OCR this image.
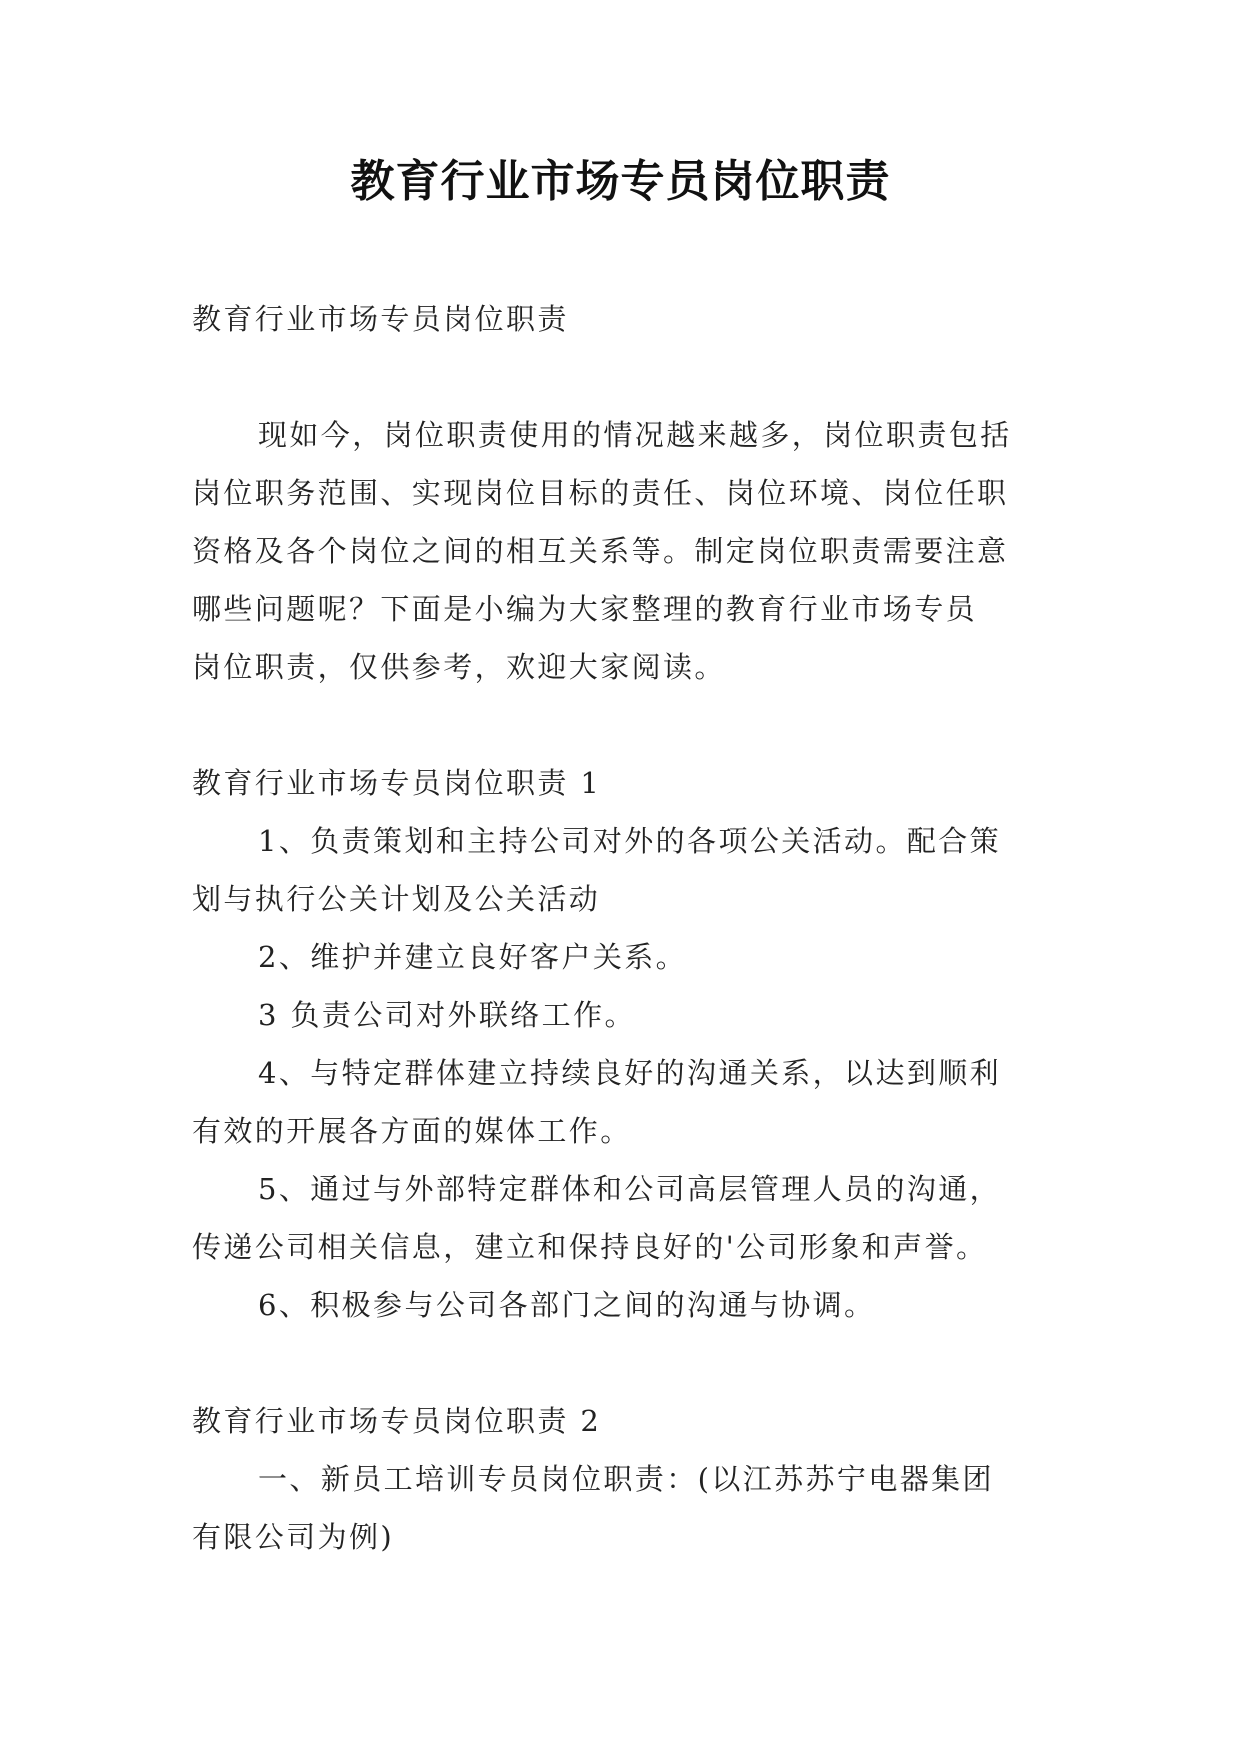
教育行业市场专员岗位职责
教育行业市场专员岗位职责
现如今，岗位职责使用的情况越来越多，岗位职责包括
岗位职务范围、实现岗位目标的责任、岗位环境、岗位任职
资格及各个岗位之间的相互关系等。制定岗位职责需要注意
哪些问题呢？下面是小编为大家整理的教育行业市场专员
岗位职责，仅供参考，欢迎大家阅读。
教育行业市场专员岗位职责 1
1、负责策划和主持公司对外的各项公关活动。配合策
划与执行公关计划及公关活动
2、维护并建立良好客户关系。
3 负责公司对外联络工作。
4、与特定群体建立持续良好的沟通关系，以达到顺利
有效的开展各方面的媒体工作。
5、通过与外部特定群体和公司高层管理人员的沟通，
传递公司相关信息，建立和保持良好的'公司形象和声誉。
6、积极参与公司各部门之间的沟通与协调。
教育行业市场专员岗位职责 2
一、新员工培训专员岗位职责：(以江苏苏宁电器集团
有限公司为例)
